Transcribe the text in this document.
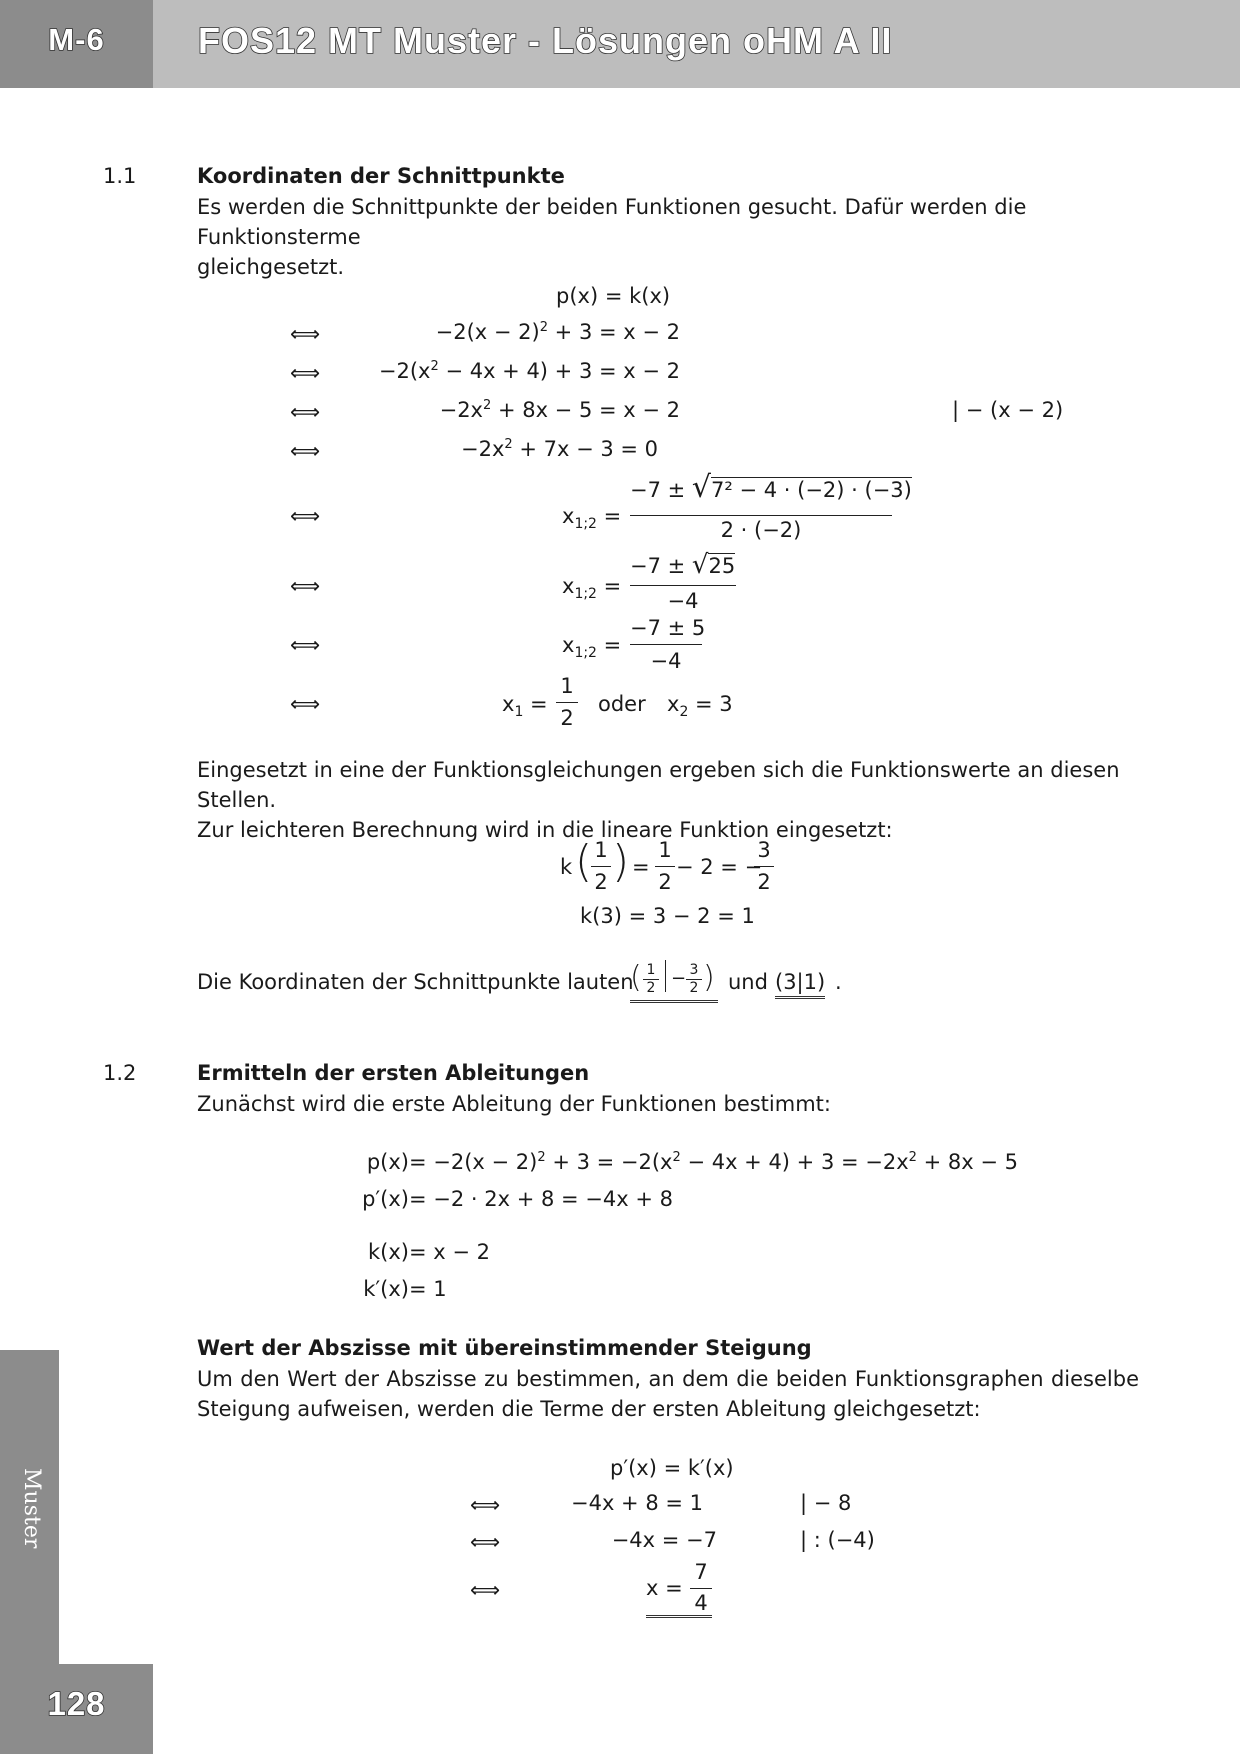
M-6	FOS12 MT Muster - Lösungen oHM A II
Muster
128
1.1	Koordinaten der Schnittpunkte
Es werden die Schnittpunkte der beiden Funktionen gesucht. Dafür werden die Funktionsterme
gleichgesetzt.
p(x) = k(x)
⟺	$-2(x - 2)^2 + 3 = x - 2$
⟺	$-2(x^2 - 4x + 4) + 3 = x - 2$
⟺	$-2x^2 + 8x - 5 = x - 2$	| − (x − 2)
⟺	$-2x^2 + 7x - 3 = 0$
⟺	$x_{1;2}$ =
−7 ± √7² − 4 · (−2) · (−3)
2 · (−2)
⟺	$x_{1;2}$ =
−7 ± √25
−4
⟺	$x_{1;2}$ =
−7 ± 5
−4
⟺	$x_1$ =
1
2
oder $x_2 = 3$
Eingesetzt in eine der Funktionsgleichungen ergeben sich die Funktionswerte an diesen Stellen.
Zur leichteren Berechnung wird in die lineare Funktion eingesetzt:
k ( 1
2 ) =
1
2
− 2 = −
3
2
k(3) = 3 − 2 = 1
Die Koordinaten der Schnittpunkte lauten
( 1
2 − 3
2 ) und (3|1) .
1.2	Ermitteln der ersten Ableitungen
Zunächst wird die erste Ableitung der Funktionen bestimmt:
$p(x) = -2(x - 2)^2 + 3 = -2(x^2 - 4x + 4) + 3 = -2x^2 + 8x - 5$
p′(x) = −2 · 2x + 8 = −4x + 8
k(x) = x − 2
k′(x) = 1
Wert der Abszisse mit übereinstimmender Steigung
Um den Wert der Abszisse zu bestimmen, an dem die beiden Funktionsgraphen dieselbe
Steigung aufweisen, werden die Terme der ersten Ableitung gleichgesetzt:
p′(x) = k′(x)
⟺	−4x + 8 = 1	| − 8
⟺	−4x = −7	| : (−4)
⟺	x =
7
4
